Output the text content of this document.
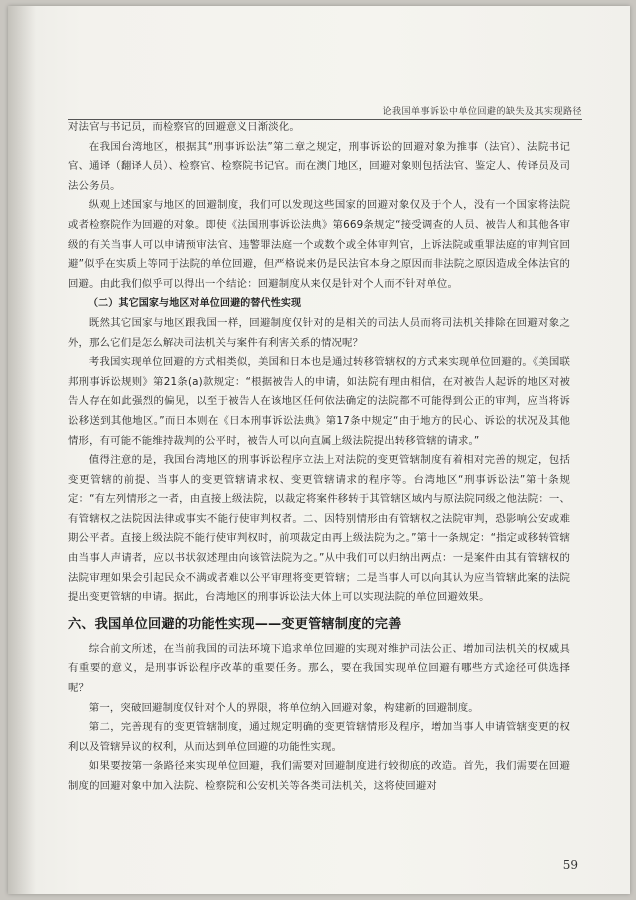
论我国单事诉讼中单位回避的缺失及其实现路径

对法官与书记员，而检察官的回避意义日渐淡化。

在我国台湾地区，根据其“刑事诉讼法”第二章之规定，刑事诉讼的回避对象为推事（法官）、法院书记官、通译（翻译人员）、检察官、检察院书记官。而在澳门地区，回避对象则包括法官、鉴定人、传译员及司法公务员。

纵观上述国家与地区的回避制度，我们可以发现这些国家的回避对象仅及于个人，没有一个国家将法院或者检察院作为回避的对象。即使《法国刑事诉讼法典》第669条规定“接受调查的人员、被告人和其他各审级的有关当事人可以申请预审法官、违警罪法庭一个或数个或全体审判官，上诉法院或重罪法庭的审判官回避”似乎在实质上等同于法院的单位回避，但严格说来仍是民法官本身之原因而非法院之原因造成全体法官的回避。由此我们似乎可以得出一个结论：回避制度从来仅是针对个人而不针对单位。

（二）其它国家与地区对单位回避的替代性实现

既然其它国家与地区跟我国一样，回避制度仅针对的是相关的司法人员而将司法机关排除在回避对象之外，那么它们是怎么解决司法机关与案件有利害关系的情况呢？

考我国实现单位回避的方式相类似，美国和日本也是通过转移管辖权的方式来实现单位回避的。《美国联邦刑事诉讼规则》第21条(a)款规定：“根据被告人的申请，如法院有理由相信，在对被告人起诉的地区对被告人存在如此强烈的偏见，以至于被告人在该地区任何依法确定的法院都不可能得到公正的审判，应当将诉讼移送到其他地区。”而日本则在《日本刑事诉讼法典》第17条中规定“由于地方的民心、诉讼的状况及其他情形，有可能不能维持裁判的公平时，被告人可以向直属上级法院提出转移管辖的请求。”

值得注意的是，我国台湾地区的刑事诉讼程序立法上对法院的变更管辖制度有着相对完善的规定，包括变更管辖的前提、当事人的变更管辖请求权、变更管辖请求的程序等。台湾地区“刑事诉讼法”第十条规定：“有左列情形之一者，由直接上级法院，以裁定将案件移转于其管辖区域内与原法院同级之他法院：一、有管辖权之法院因法律或事实不能行使审判权者。二、因特别情形由有管辖权之法院审判，恐影响公安或难期公平者。直接上级法院不能行使审判权时，前项裁定由再上级法院为之。”第十一条规定：“指定或移转管辖由当事人声请者，应以书状叙述理由向该管法院为之。”从中我们可以归纳出两点：一是案件由其有管辖权的法院审理如果会引起民众不满或者难以公平审理将变更管辖；二是当事人可以向其认为应当管辖此案的法院提出变更管辖的申请。据此，台湾地区的刑事诉讼法大体上可以实现法院的单位回避效果。

六、我国单位回避的功能性实现——变更管辖制度的完善

综合前文所述，在当前我国的司法环境下追求单位回避的实现对维护司法公正、增加司法机关的权威具有重要的意义，是刑事诉讼程序改革的重要任务。那么，要在我国实现单位回避有哪些方式途径可供选择呢？

第一，突破回避制度仅针对个人的界限，将单位纳入回避对象，构建新的回避制度。

第二，完善现有的变更管辖制度，通过规定明确的变更管辖情形及程序，增加当事人申请管辖变更的权利以及管辖异议的权利，从而达到单位回避的功能性实现。

如果要按第一条路径来实现单位回避，我们需要对回避制度进行较彻底的改造。首先，我们需要在回避制度的回避对象中加入法院、检察院和公安机关等各类司法机关，这将使回避对

59
